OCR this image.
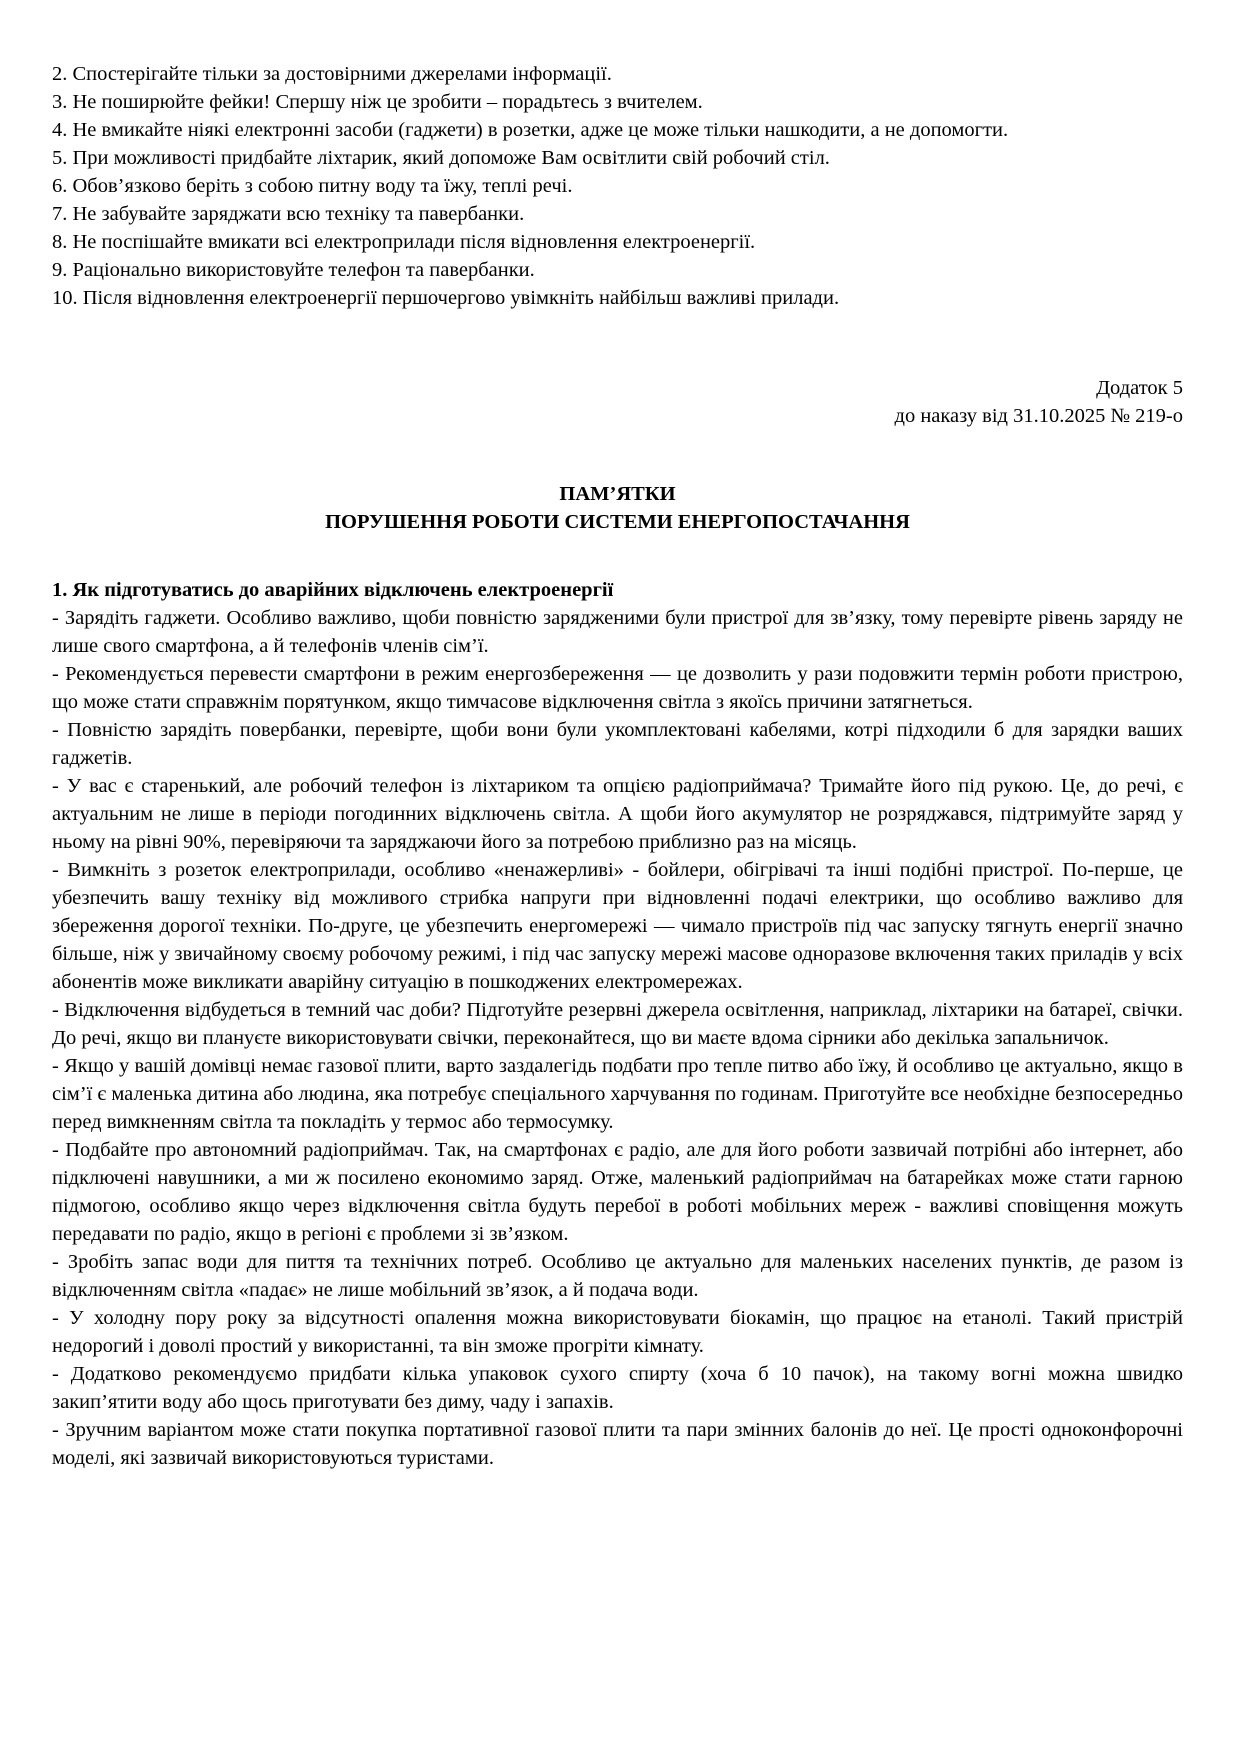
2. Спостерігайте тільки за достовірними джерелами інформації.

3. Не поширюйте фейки! Спершу ніж це зробити – порадьтесь з вчителем.

4. Не вмикайте ніякі електронні засоби (гаджети) в розетки, адже це може тільки нашкодити, а не допомогти.

5. При можливості придбайте ліхтарик, який допоможе Вам освітлити свій робочий стіл.

6. Обов’язково беріть з собою питну воду та їжу, теплі речі.

7. Не забувайте заряджати всю техніку та павербанки.

8. Не поспішайте вмикати всі електроприлади після відновлення електроенергії.

9. Раціонально використовуйте телефон та павербанки.

10. Після відновлення електроенергії першочергово увімкніть найбільш важливі прилади.

Додаток 5

до наказу від 31.10.2025 № 219-о

ПАМ’ЯТКИ

ПОРУШЕННЯ РОБОТИ СИСТЕМИ ЕНЕРГОПОСТАЧАННЯ

1. Як підготуватись до аварійних відключень електроенергії

- Зарядіть гаджети. Особливо важливо, щоби повністю зарядженими були пристрої для зв’язку, тому перевірте рівень заряду не лише свого смартфона, а й телефонів членів сім’ї.

- Рекомендується перевести смартфони в режим енергозбереження — це дозволить у рази подовжити термін роботи пристрою, що може стати справжнім порятунком, якщо тимчасове відключення світла з якоїсь причини затягнеться.

- Повністю зарядіть повербанки, перевірте, щоби вони були укомплектовані кабелями, котрі підходили б для зарядки ваших гаджетів.

- У вас є старенький, але робочий телефон із ліхтариком та опцією радіоприймача? Тримайте його під рукою. Це, до речі, є актуальним не лише в періоди погодинних відключень світла. А щоби його акумулятор не розряджався, підтримуйте заряд у ньому на рівні 90%, перевіряючи та заряджаючи його за потребою приблизно раз на місяць.

- Вимкніть з розеток електроприлади, особливо «ненажерливі» - бойлери, обігрівачі та інші подібні пристрої. По-перше, це убезпечить вашу техніку від можливого стрибка напруги при відновленні подачі електрики, що особливо важливо для збереження дорогої техніки. По-друге, це убезпечить енергомережі — чимало пристроїв під час запуску тягнуть енергії значно більше, ніж у звичайному своєму робочому режимі, і під час запуску мережі масове одноразове включення таких приладів у всіх абонентів може викликати аварійну ситуацію в пошкоджених електромережах.

- Відключення відбудеться в темний час доби? Підготуйте резервні джерела освітлення, наприклад, ліхтарики на батареї, свічки. До речі, якщо ви плануєте використовувати свічки, переконайтеся, що ви маєте вдома сірники або декілька запальничок.

- Якщо у вашій домівці немає газової плити, варто заздалегідь подбати про тепле питво або їжу, й особливо це актуально, якщо в сім’ї є маленька дитина або людина, яка потребує спеціального харчування по годинам. Приготуйте все необхідне безпосередньо перед вимкненням світла та покладіть у термос або термосумку.

- Подбайте про автономний радіоприймач. Так, на смартфонах є радіо, але для його роботи зазвичай потрібні або інтернет, або підключені навушники, а ми ж посилено економимо заряд. Отже, маленький радіоприймач на батарейках може стати гарною підмогою, особливо якщо через відключення світла будуть перебої в роботі мобільних мереж - важливі сповіщення можуть передавати по радіо, якщо в регіоні є проблеми зі зв’язком.

- Зробіть запас води для пиття та технічних потреб. Особливо це актуально для маленьких населених пунктів, де разом із відключенням світла «падає» не лише мобільний зв’язок, а й подача води.

- У холодну пору року за відсутності опалення можна використовувати біокамін, що працює на етанолі. Такий пристрій недорогий і доволі простий у використанні, та він зможе прогріти кімнату.

- Додатково рекомендуємо придбати кілька упаковок сухого спирту (хоча б 10 пачок), на такому вогні можна швидко закип’ятити воду або щось приготувати без диму, чаду і запахів.

- Зручним варіантом може стати покупка портативної газової плити та пари змінних балонів до неї. Це прості одноконфорочні моделі, які зазвичай використовуються туристами.
